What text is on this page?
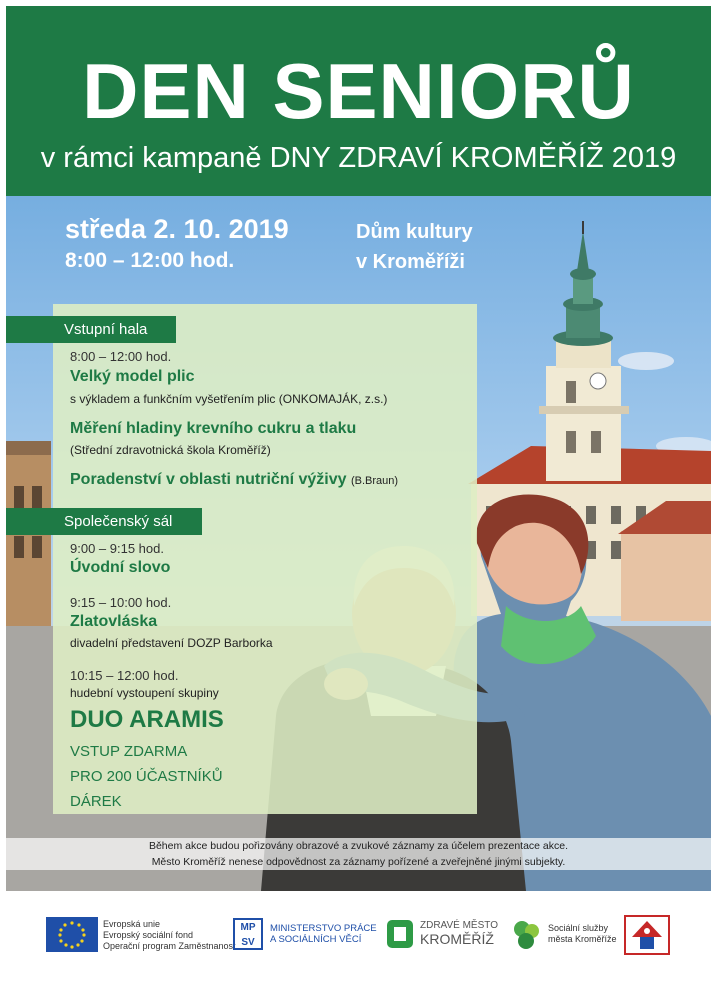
DEN SENIORŮ
v rámci kampaně DNY ZDRAVÍ KROMĚŘÍŽ 2019
středa 2. 10. 2019
8:00 – 12:00 hod.
Dům kultury
v Kroměříži
Vstupní hala
8:00 – 12:00 hod.
Velký model plic
s výkladem a funkčním vyšetřením plic (ONKOMAJÁK, z.s.)
Měření hladiny krevního cukru a tlaku
(Střední zdravotnická škola Kroměříž)
Poradenství v oblasti nutriční výživy (B.Braun)
Společenský sál
9:00 – 9:15 hod.
Úvodní slovo
9:15 – 10:00 hod.
Zlatovláska
divadelní představení DOZP Barborka
10:15 – 12:00 hod.
hudební vystoupení skupiny
DUO ARAMIS
VSTUP ZDARMA
PRO 200 ÚČASTNÍKŮ
DÁREK
Během akce budou pořizovány obrazové a zvukové záznamy za účelem prezentace akce.
Město Kroměříž nenese odpovědnost za záznamy pořízené a zveřejněné jinými subjekty.
Evropská unie
Evropský sociální fond
Operační program Zaměstnanost
MP
SV
MINISTERSTVO PRÁCE
A SOCIÁLNÍCH VĚCÍ
ZDRAVÉ MĚSTO
KROMĚŘÍŽ
Sociální služby
města Kroměříže
